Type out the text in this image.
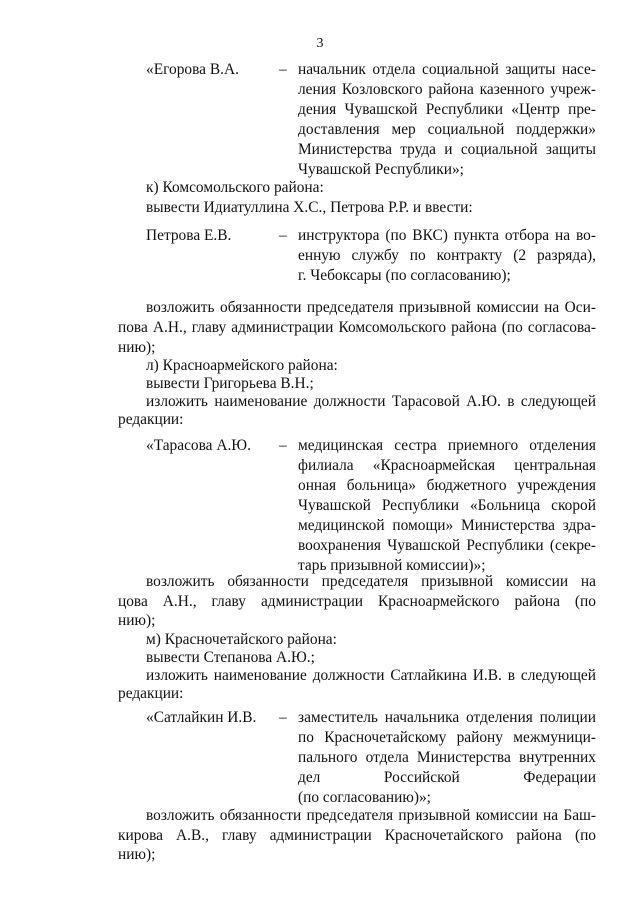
3
«Егорова В.А.	– начальник отдела социальной защиты насе-
ления Козловского района казенного учреж-
дения Чувашской Республики «Центр пре-
доставления мер социальной поддержки»
Министерства труда и социальной защиты
Чувашской Республики»;
к) Комсомольского района:
вывести Идиатуллина Х.С., Петрова Р.Р. и ввести:
Петрова Е.В.	– инструктора (по ВКС) пункта отбора на во-
енную службу по контракту (2 разряда),
г. Чебоксары (по согласованию);
возложить обязанности председателя призывной комиссии на Оси-
пова А.Н., главу администрации Комсомольского района (по согласова-
нию);
л) Красноармейского района:
вывести Григорьева В.Н.;
изложить наименование должности Тарасовой А.Ю. в следующей
редакции:
«Тарасова А.Ю. – медицинская сестра приемного отделения
филиала «Красноармейская центральная
онная больница» бюджетного учреждения
Чувашской Республики «Больница скорой
медицинской помощи» Министерства здра-
воохранения Чувашской Республики (секре-
тарь призывной комиссии)»;
возложить обязанности председателя призывной комиссии на
цова А.Н., главу администрации Красноармейского района (по
нию);
м) Красночетайского района:
вывести Степанова А.Ю.;
изложить наименование должности Сатлайкина И.В. в следующей
редакции:
«Сатлайкин И.В. – заместитель начальника отделения полиции
по Красночетайскому району межмуници-
пального отдела Министерства внутренних
дел Российской Федерации
(по согласованию)»;
возложить обязанности председателя призывной комиссии на Баш-
кирова А.В., главу администрации Красночетайского района (по
нию);
